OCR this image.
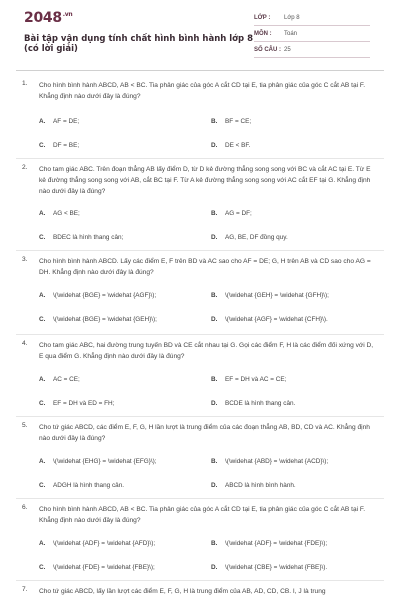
$2048^{.vn}$
Bài tập vận dụng tính chất hình bình hành lớp 8 (có lời giải)
LỚP :	Lớp 8
MÔN :	Toán
SỐ CÂU : 25
1. Cho hình bình hành ABCD, AB < BC. Tia phân giác của góc A cắt CD tại E, tia phân giác của góc C cắt AB tại F. Khẳng định nào dưới đây là đúng?
A. AF = DE;	B. BF = CE;
C. DF = BE;	D. DE < BF.
2. Cho tam giác ABC. Trên đoạn thẳng AB lấy điểm D, từ D kẻ đường thẳng song song với BC và cắt AC tại E. Từ E kẻ đường thẳng song song với AB, cắt BC tại F. Từ A kẻ đường thẳng song song với AC cắt EF tại G. Khẳng định nào dưới đây là đúng?
A. AG < BE;	B. AG = DF;
C. BDEC là hình thang cân;	D. AG, BE, DF đồng quy.
3. Cho hình bình hành ABCD. Lấy các điểm E, F trên BD và AC sao cho AF = DE; G, H trên AB và CD sao cho AG = DH. Khẳng định nào dưới đây là đúng?
A. \(\widehat {BGE} = \widehat {AGF}\);	B. \(\widehat {GEH} = \widehat {GFH}\);
C. \(\widehat {BGE} = \widehat {GEH}\);	D. \(\widehat {AGF} = \widehat {CFH}\).
4. Cho tam giác ABC, hai đường trung tuyến BD và CE cắt nhau tại G. Gọi các điểm F, H là các điểm đối xứng với D, E qua điểm G. Khẳng định nào dưới đây là đúng?
A. AC = CE;	B. EF = DH và AC = CE;
C. EF = DH và ED = FH;	D. BCDE là hình thang cân.
5. Cho tứ giác ABCD, các điểm E, F, G, H lần lượt là trung điểm của các đoạn thẳng AB, BD, CD và AC. Khẳng định nào dưới đây là đúng?
A. \(\widehat {EHG} = \widehat {EFG}\);	B. \(\widehat {ABD} = \widehat {ACD}\);
C. ADGH là hình thang cân.	D. ABCD là hình bình hành.
6. Cho hình bình hành ABCD, AB < BC. Tia phân giác của góc A cắt CD tại E, tia phân giác của góc C cắt AB tại F. Khẳng định nào dưới đây là đúng?
A. \(\widehat {ADF} = \widehat {AFD}\);	B. \(\widehat {ADF} = \widehat {FDE}\);
C. \(\widehat {FDE} = \widehat {FBE}\);	D. \(\widehat {CBE} = \widehat {FBE}\).
7. Cho tứ giác ABCD, lấy lần lượt các điểm E, F, G, H là trung điểm của AB, AD, CD, CB. I, J là trung
